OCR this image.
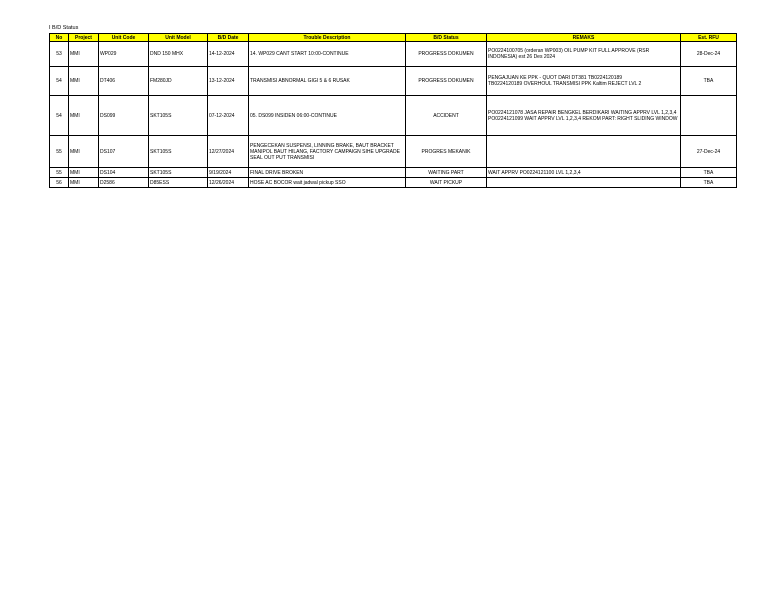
I B/D Status
No	Project	Unit Code	Unit Model	B/D Date	Trouble Description	B/D Status	REMAKS	Est. RFU
53	MMI	WP029	DND 150 MHX	14-12-2024	14. WP029 CANT START 10:00-CONTINUE	PROGRESS DOKUMEN	PO0224100705 (orderan WP003) OIL PUMP KIT FULL APPROVE (RSR INDONESIA) est 26 Des 2024	28-Dec-24
54	MMI	DT406	FM280JD	13-12-2024	TRANSMISI ABNORMAL GIGI 5 & 6 RUSAK	PROGRESS DOKUMEN	PENGAJUAN KE PPK - QUOT DARI DT381 TB0224120189
TB0224120189 OVERHOUL TRANSMISI PPK Kaltim REJECT LVL 2	TBA
54	MMI	DS099	SKT105S	07-12-2024	05. DS099 INSIDEN 06:00-CONTINUE	ACCIDENT	PO0224121078 JASA REPAIR BENGKEL BERDIKARI WAITING APPRV LVL 1,2,3,4
PO0224121099 WAIT APPRV LVL 1,2,3,4 REKOM PART: RIGHT SLIDING WINDOW	

55	MMI	DS107	SKT105S	12/27/2024	PENGECEKAN SUSPENSI, LINNING BRAKE, BAUT BRACKET MANIPOL BAUT HILANG, FACTORY CAMPAIGN SIHE UPGRADE SEAL OUT PUT TRANSMISI	PROGRES MEKANIK		27-Dec-24
55	MMI	DS104	SKT105S	9/19/2024	FINAL DRIVE BROKEN	WAITING PART	WAIT APPRV PO0224121100 LVL 1,2,3,4	TBA
56	MMI	D2586	D85ESS	12/26/2024	HOSE AC BOCOR wait jadwal pickup SSO	WAIT PICKUP		TBA
